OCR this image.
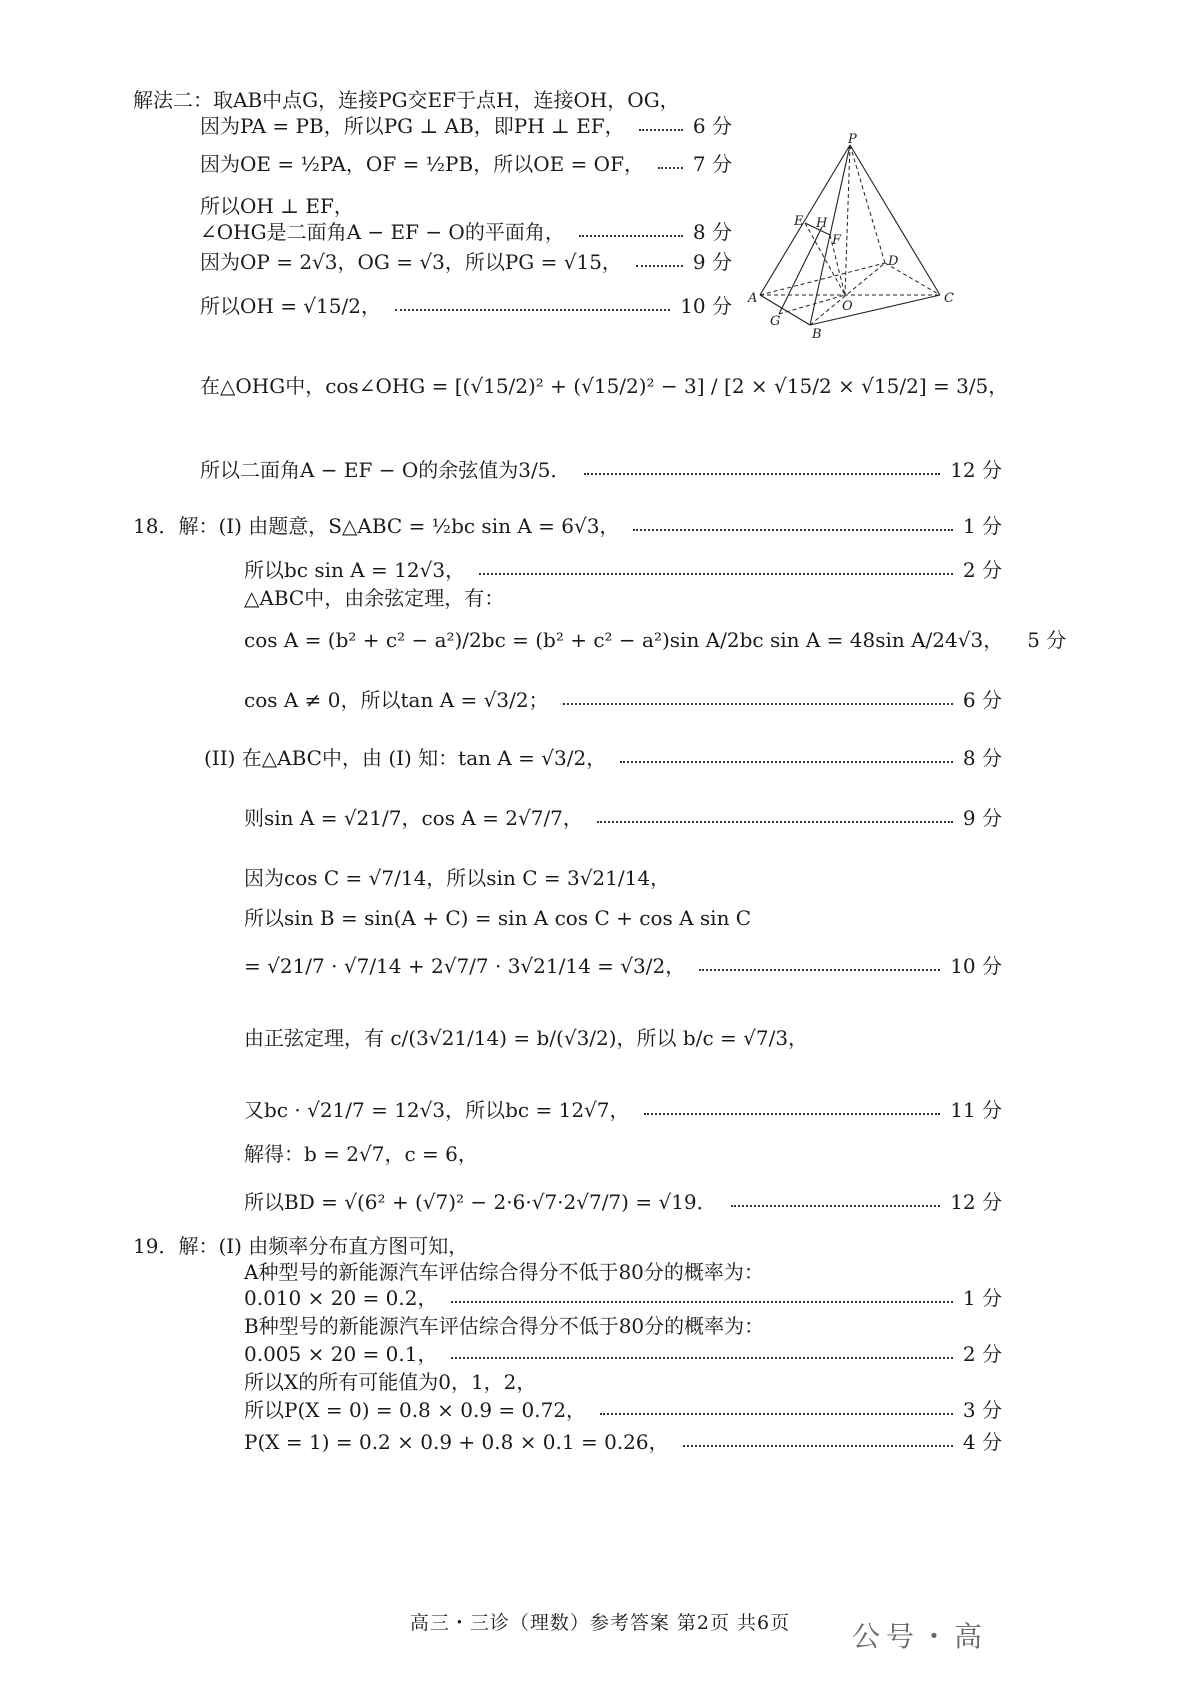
解法二：取AB中点G，连接PG交EF于点H，连接OH，OG，
因为PA = PB，所以PG ⊥ AB，即PH ⊥ EF，	6 分
因为OE = ½PA，OF = ½PB，所以OE = OF， 7 分
所以OH ⊥ EF，
∠OHG是二面角A − EF − O的平面角，	8 分
因为OP = 2√3，OG = √3，所以PG = √15，	9 分
所以OH = √15/2，	10 分
在△OHG中，cos∠OHG = [(√15/2)² + (√15/2)² − 3] / [2 × √15/2 × √15/2] = 3/5，
所以二面角A − EF − O的余弦值为3/5．	12 分
18．解：(I) 由题意，S△ABC = ½bc sin A = 6√3，	1 分
所以bc sin A = 12√3，	2 分
△ABC中，由余弦定理，有：
cos A = (b² + c² − a²)/2bc = (b² + c² − a²)sin A/2bc sin A = 48sin A/24√3， 5 分
cos A ≠ 0，所以tan A = √3/2；	6 分
(II) 在△ABC中，由 (I) 知：tan A = √3/2，	8 分
则sin A = √21/7，cos A = 2√7/7，	9 分
因为cos C = √7/14，所以sin C = 3√21/14，
所以sin B = sin(A + C) = sin A cos C + cos A sin C
= √21/7 · √7/14 + 2√7/7 · 3√21/14 = √3/2，	10 分
由正弦定理，有 c/(3√21/14) = b/(√3/2)，所以 b/c = √7/3，
又bc · √21/7 = 12√3，所以bc = 12√7，	11 分
解得：b = 2√7，c = 6，
所以BD = √(6² + (√7)² − 2·6·√7·2√7/7) = √19．	12 分
19．解：(I) 由频率分布直方图可知，
A种型号的新能源汽车评估综合得分不低于80分的概率为：
0.010 × 20 = 0.2，	1 分
B种型号的新能源汽车评估综合得分不低于80分的概率为：
0.005 × 20 = 0.1，	2 分
所以X的所有可能值为0，1，2，
所以P(X = 0) = 0.8 × 0.9 = 0.72，	3 分
P(X = 1) = 0.2 × 0.9 + 0.8 × 0.1 = 0.26，	4 分
P
E H
F
D
A	C
O
G
B
高三・三诊（理数）参考答案 第2页 共6页	公号・高
